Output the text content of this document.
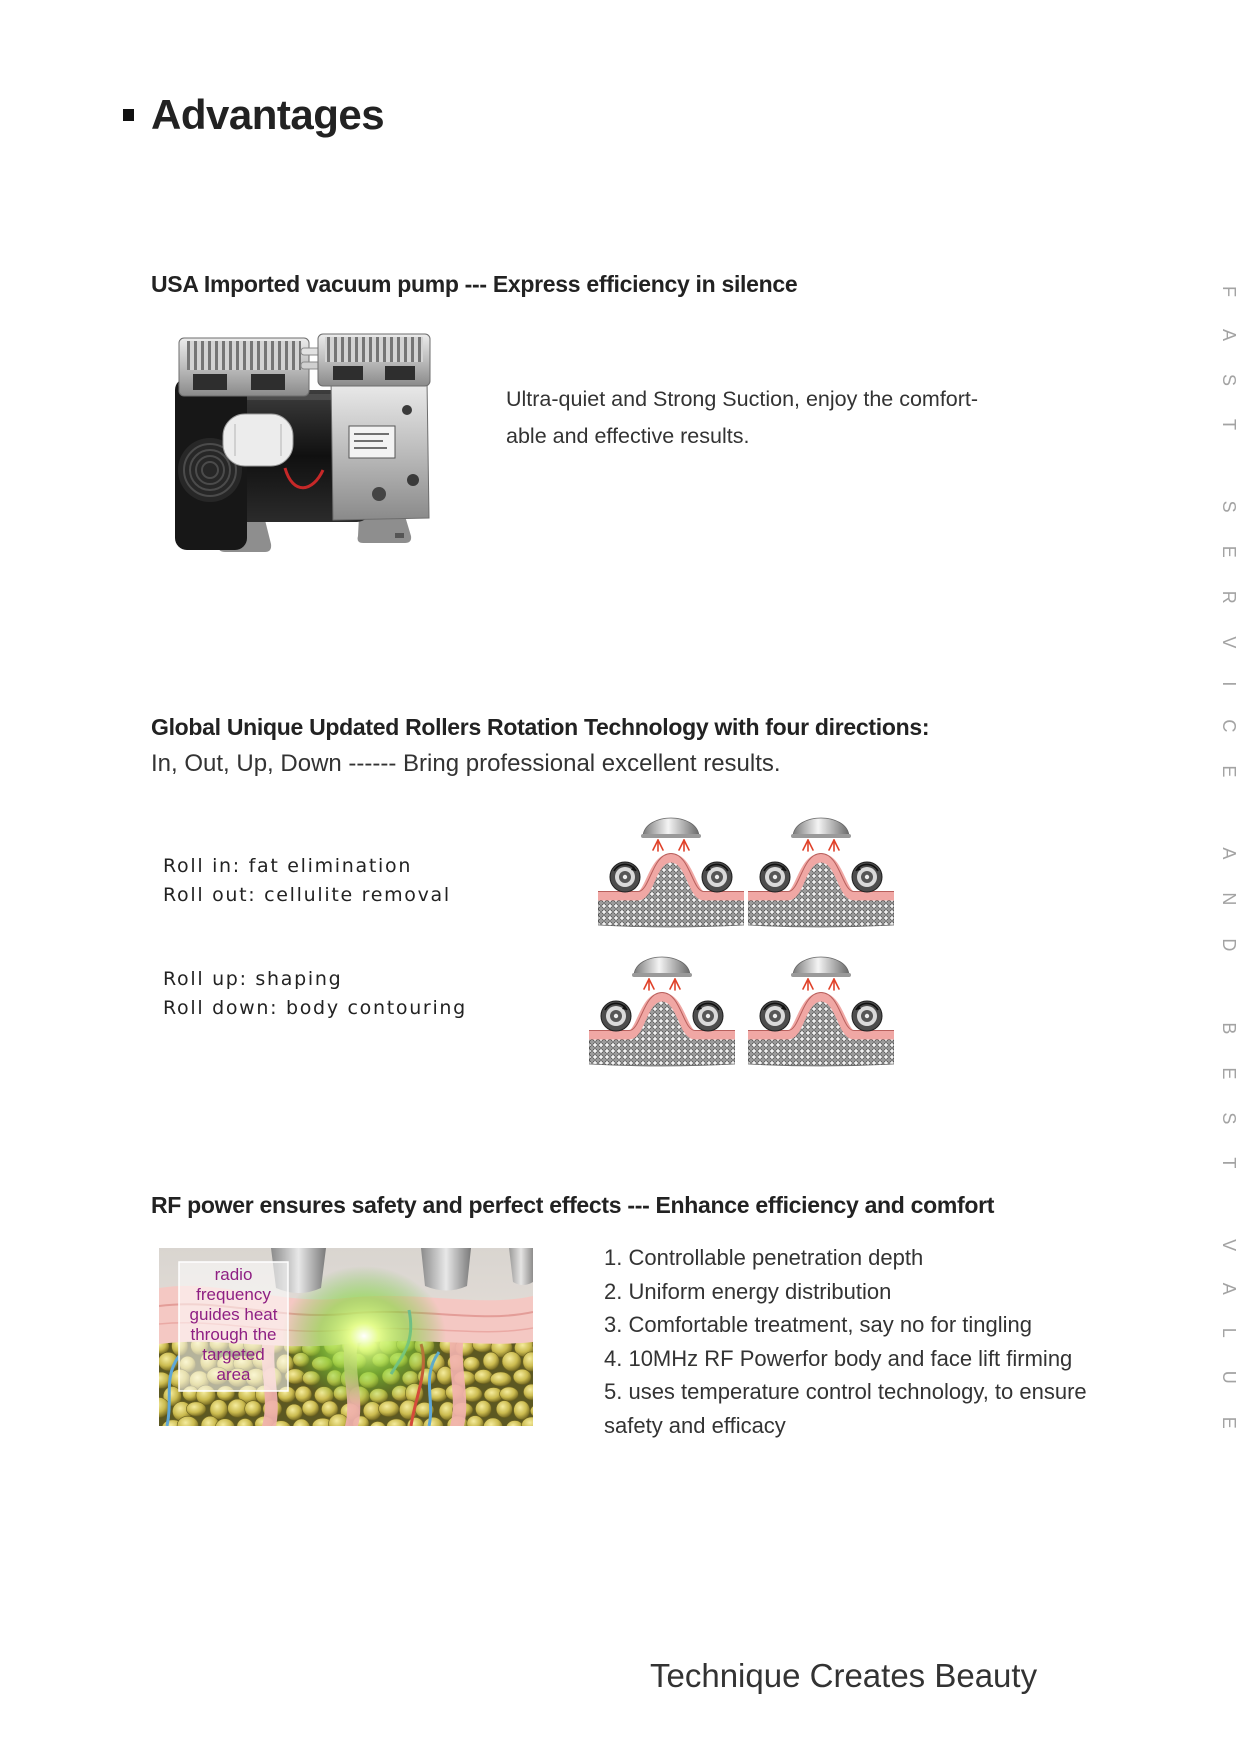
Advantages
USA Imported vacuum pump --- Express efficiency in silence
Ultra-quiet and Strong Suction, enjoy the comfort-
able and effective results.
Global Unique Updated Rollers Rotation Technology with four directions:
In, Out, Up, Down ------ Bring professional excellent results.
Roll in: fat elimination
Roll out: cellulite removal
Roll up: shaping
Roll down: body contouring
RF power ensures safety and perfect effects --- Enhance efficiency and comfort
radio
frequency
guides heat
through the
targeted
area
1. Controllable penetration depth
2. Uniform energy distribution
3. Comfortable treatment, say no for tingling
4. 10MHz RF Powerfor body and face lift firming
5. uses temperature control technology, to ensure safety and efficacy
Technique Creates Beauty
FAST SERVICE AND BEST VALUE
